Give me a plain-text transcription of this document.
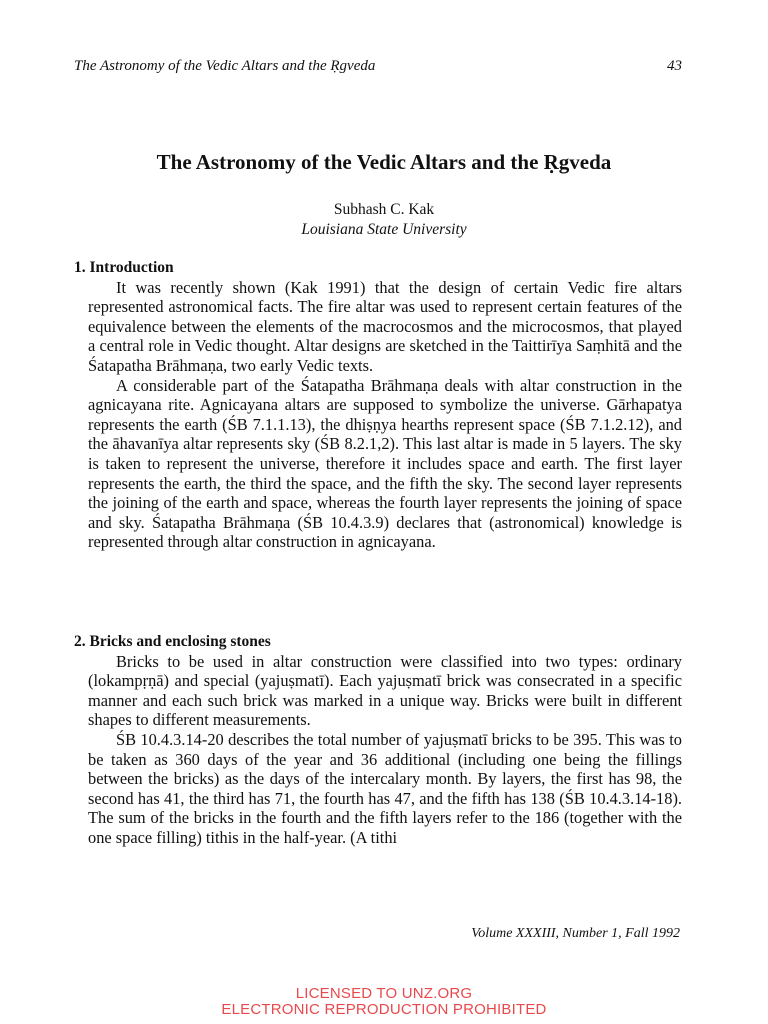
The Astronomy of the Vedic Altars and the Ṛgveda	43
The Astronomy of the Vedic Altars and the Ṛgveda
Subhash C. Kak
Louisiana State University
1. Introduction

It was recently shown (Kak 1991) that the design of certain Vedic fire altars represented astronomical facts. The fire altar was used to represent certain features of the equivalence between the elements of the macrocosmos and the microcosmos, that played a central role in Vedic thought. Altar designs are sketched in the Taittirīya Saṃhitā and the Śatapatha Brāhmaṇa, two early Vedic texts.

A considerable part of the Śatapatha Brāhmaṇa deals with altar construction in the agnicayana rite. Agnicayana altars are supposed to symbolize the universe. Gārhapatya represents the earth (ŚB 7.1.1.13), the dhiṣṇya hearths represent space (ŚB 7.1.2.12), and the āhavanīya altar represents sky (ŚB 8.2.1,2). This last altar is made in 5 layers. The sky is taken to represent the universe, therefore it includes space and earth. The first layer represents the earth, the third the space, and the fifth the sky. The second layer represents the joining of the earth and space, whereas the fourth layer represents the joining of space and sky. Śatapatha Brāhmaṇa (ŚB 10.4.3.9) declares that (astronomical) knowledge is represented through altar construction in agnicayana.

2. Bricks and enclosing stones

Bricks to be used in altar construction were classified into two types: ordinary (lokampṛṇā) and special (yajuṣmatī). Each yajuṣmatī brick was consecrated in a specific manner and each such brick was marked in a unique way. Bricks were built in different shapes to different measurements.

ŚB 10.4.3.14-20 describes the total number of yajuṣmatī bricks to be 395. This was to be taken as 360 days of the year and 36 additional (including one being the fillings between the bricks) as the days of the intercalary month. By layers, the first has 98, the second has 41, the third has 71, the fourth has 47, and the fifth has 138 (ŚB 10.4.3.14-18). The sum of the bricks in the fourth and the fifth layers refer to the 186 (together with the one space filling) tithis in the half-year. (A tithi

Volume XXXIII, Number 1, Fall 1992
LICENSED TO UNZ.ORG
ELECTRONIC REPRODUCTION PROHIBITED
